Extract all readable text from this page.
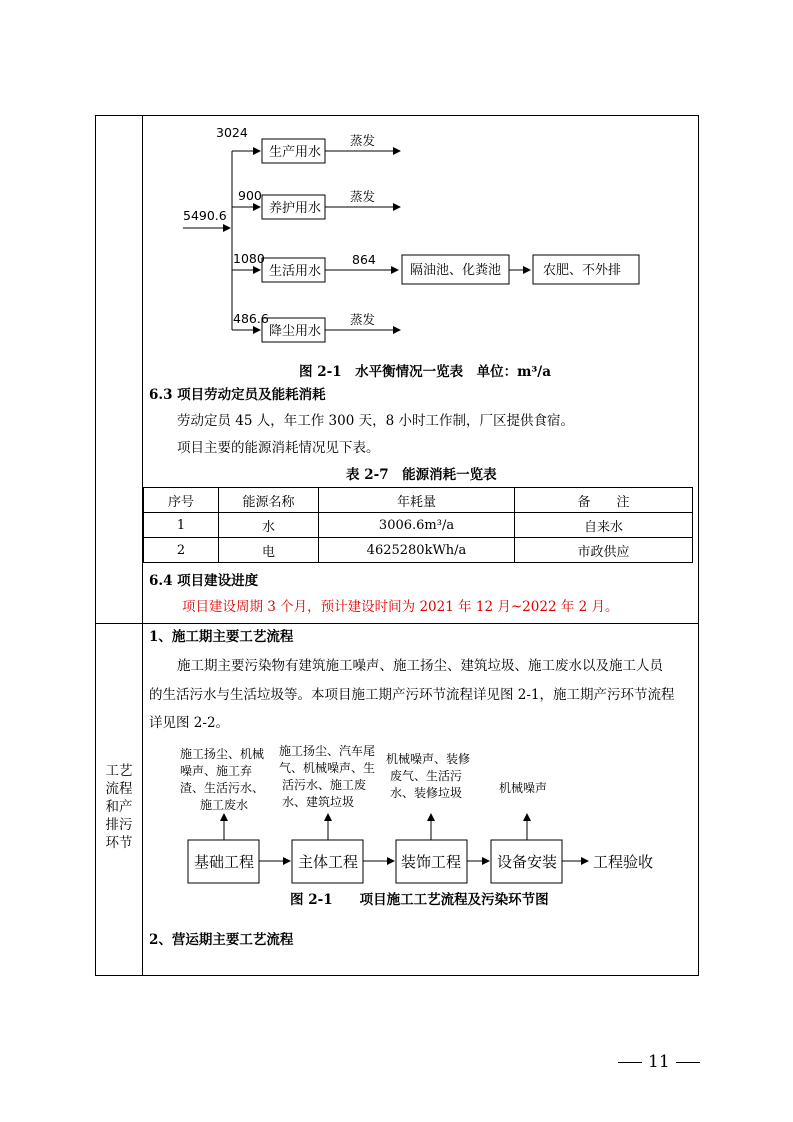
工艺
流程
和产
排污
环节
5490.6
3024
900
1080
486.6
生产用水
养护用水
生活用水
降尘用水
蒸发
蒸发
864
蒸发
隔油池、化粪池	农肥、不外排
图 2-1　水平衡情况一览表　单位：m³/a
6.3 项目劳动定员及能耗消耗
劳动定员 45 人，年工作 300 天，8 小时工作制，厂区提供食宿。
项目主要的能源消耗情况见下表。
表 2-7　能源消耗一览表
序号	能源名称	年耗量	备　　注
1	水	3006.6m³/a	自来水
2	电	4625280kWh/a	市政供应
6.4 项目建设进度
项目建设周期 3 个月，预计建设时间为 2021 年 12 月~2022 年 2 月。
1、施工期主要工艺流程
施工期主要污染物有建筑施工噪声、施工扬尘、建筑垃圾、施工废水以及施工人员
的生活污水与生活垃圾等。本项目施工期产污环节流程详见图 2-1，施工期产污环节流程
详见图 2-2。
基础工程	主体工程	装饰工程 设备安装 工程验收
施工扬尘、机械
噪声、施工弃
渣、生活污水、
施工废水
施工扬尘、汽车尾
气、机械噪声、生
活污水、施工废
水、建筑垃圾
机械噪声、装修
废气、生活污
水、装修垃圾	机械噪声
图 2-1　　项目施工工艺流程及污染环节图
2、营运期主要工艺流程
11
